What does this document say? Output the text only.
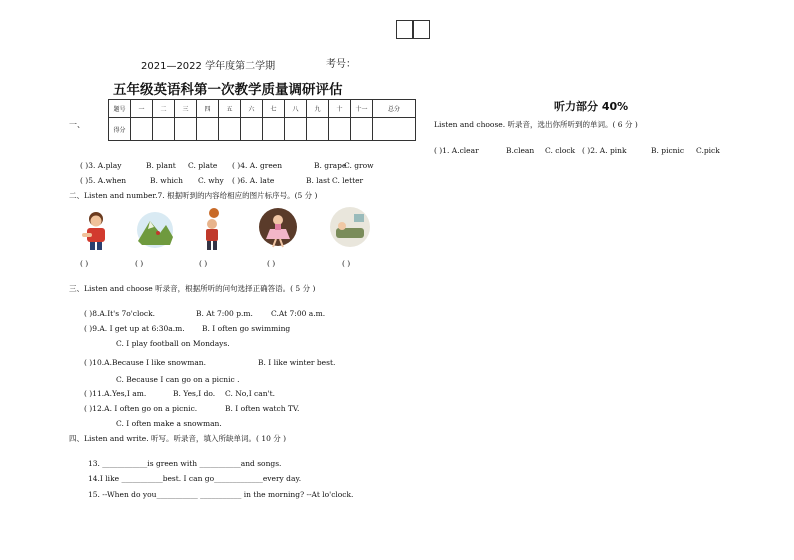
2021—2022 学年度第二学期	考号：
五年级英语科第一次教学质量调研评估
听力部分 40%
题号	一	二	三	四	五	六	七	八	九	十	十一	总分
得分												
一、	Listen and choose. 听录音，选出你所听到的单词。( 6 分 )
( )1. A.clear	B.clean C. clock ( )2. A. pink	B. picnic C.pick
( )3. A.play	B. plant C. plate ( )4. A. green	B. grape
C. grow
( )5. A.when	B. which C. why ( )6. A. late	B. last C. letter
二、Listen and number.7. 根据听到的内容给相应的图片标序号。(5 分 )
( )	( )	( )	( )	( )
三、Listen and choose 听录音，根据所听的问句选择正确答语。( 5 分 )
( )8.A.It's 7o'clock.	B. At 7:00 p.m. C.At 7:00 a.m.
( )9.A. I get up at 6:30a.m. B. I often go swimming
C. I play football on Mondays.
( )10.A.Because I like snowman.	B. I like winter best.
C. Because I can go on a picnic .
( )11.A.Yes,I am.	B. Yes,I do. C. No,I can't.
( )12.A. I often go on a picnic.	B. I often watch TV.
C. I often make a snowman.
四、Listen and write. 听写。听录音，填入所缺单词。( 10 分 )
13. ____________is green with ___________and songs.
14.I like ___________best. I can go_____________every day.
15. --When do you___________ ___________ in the morning? --At lo'clock.
